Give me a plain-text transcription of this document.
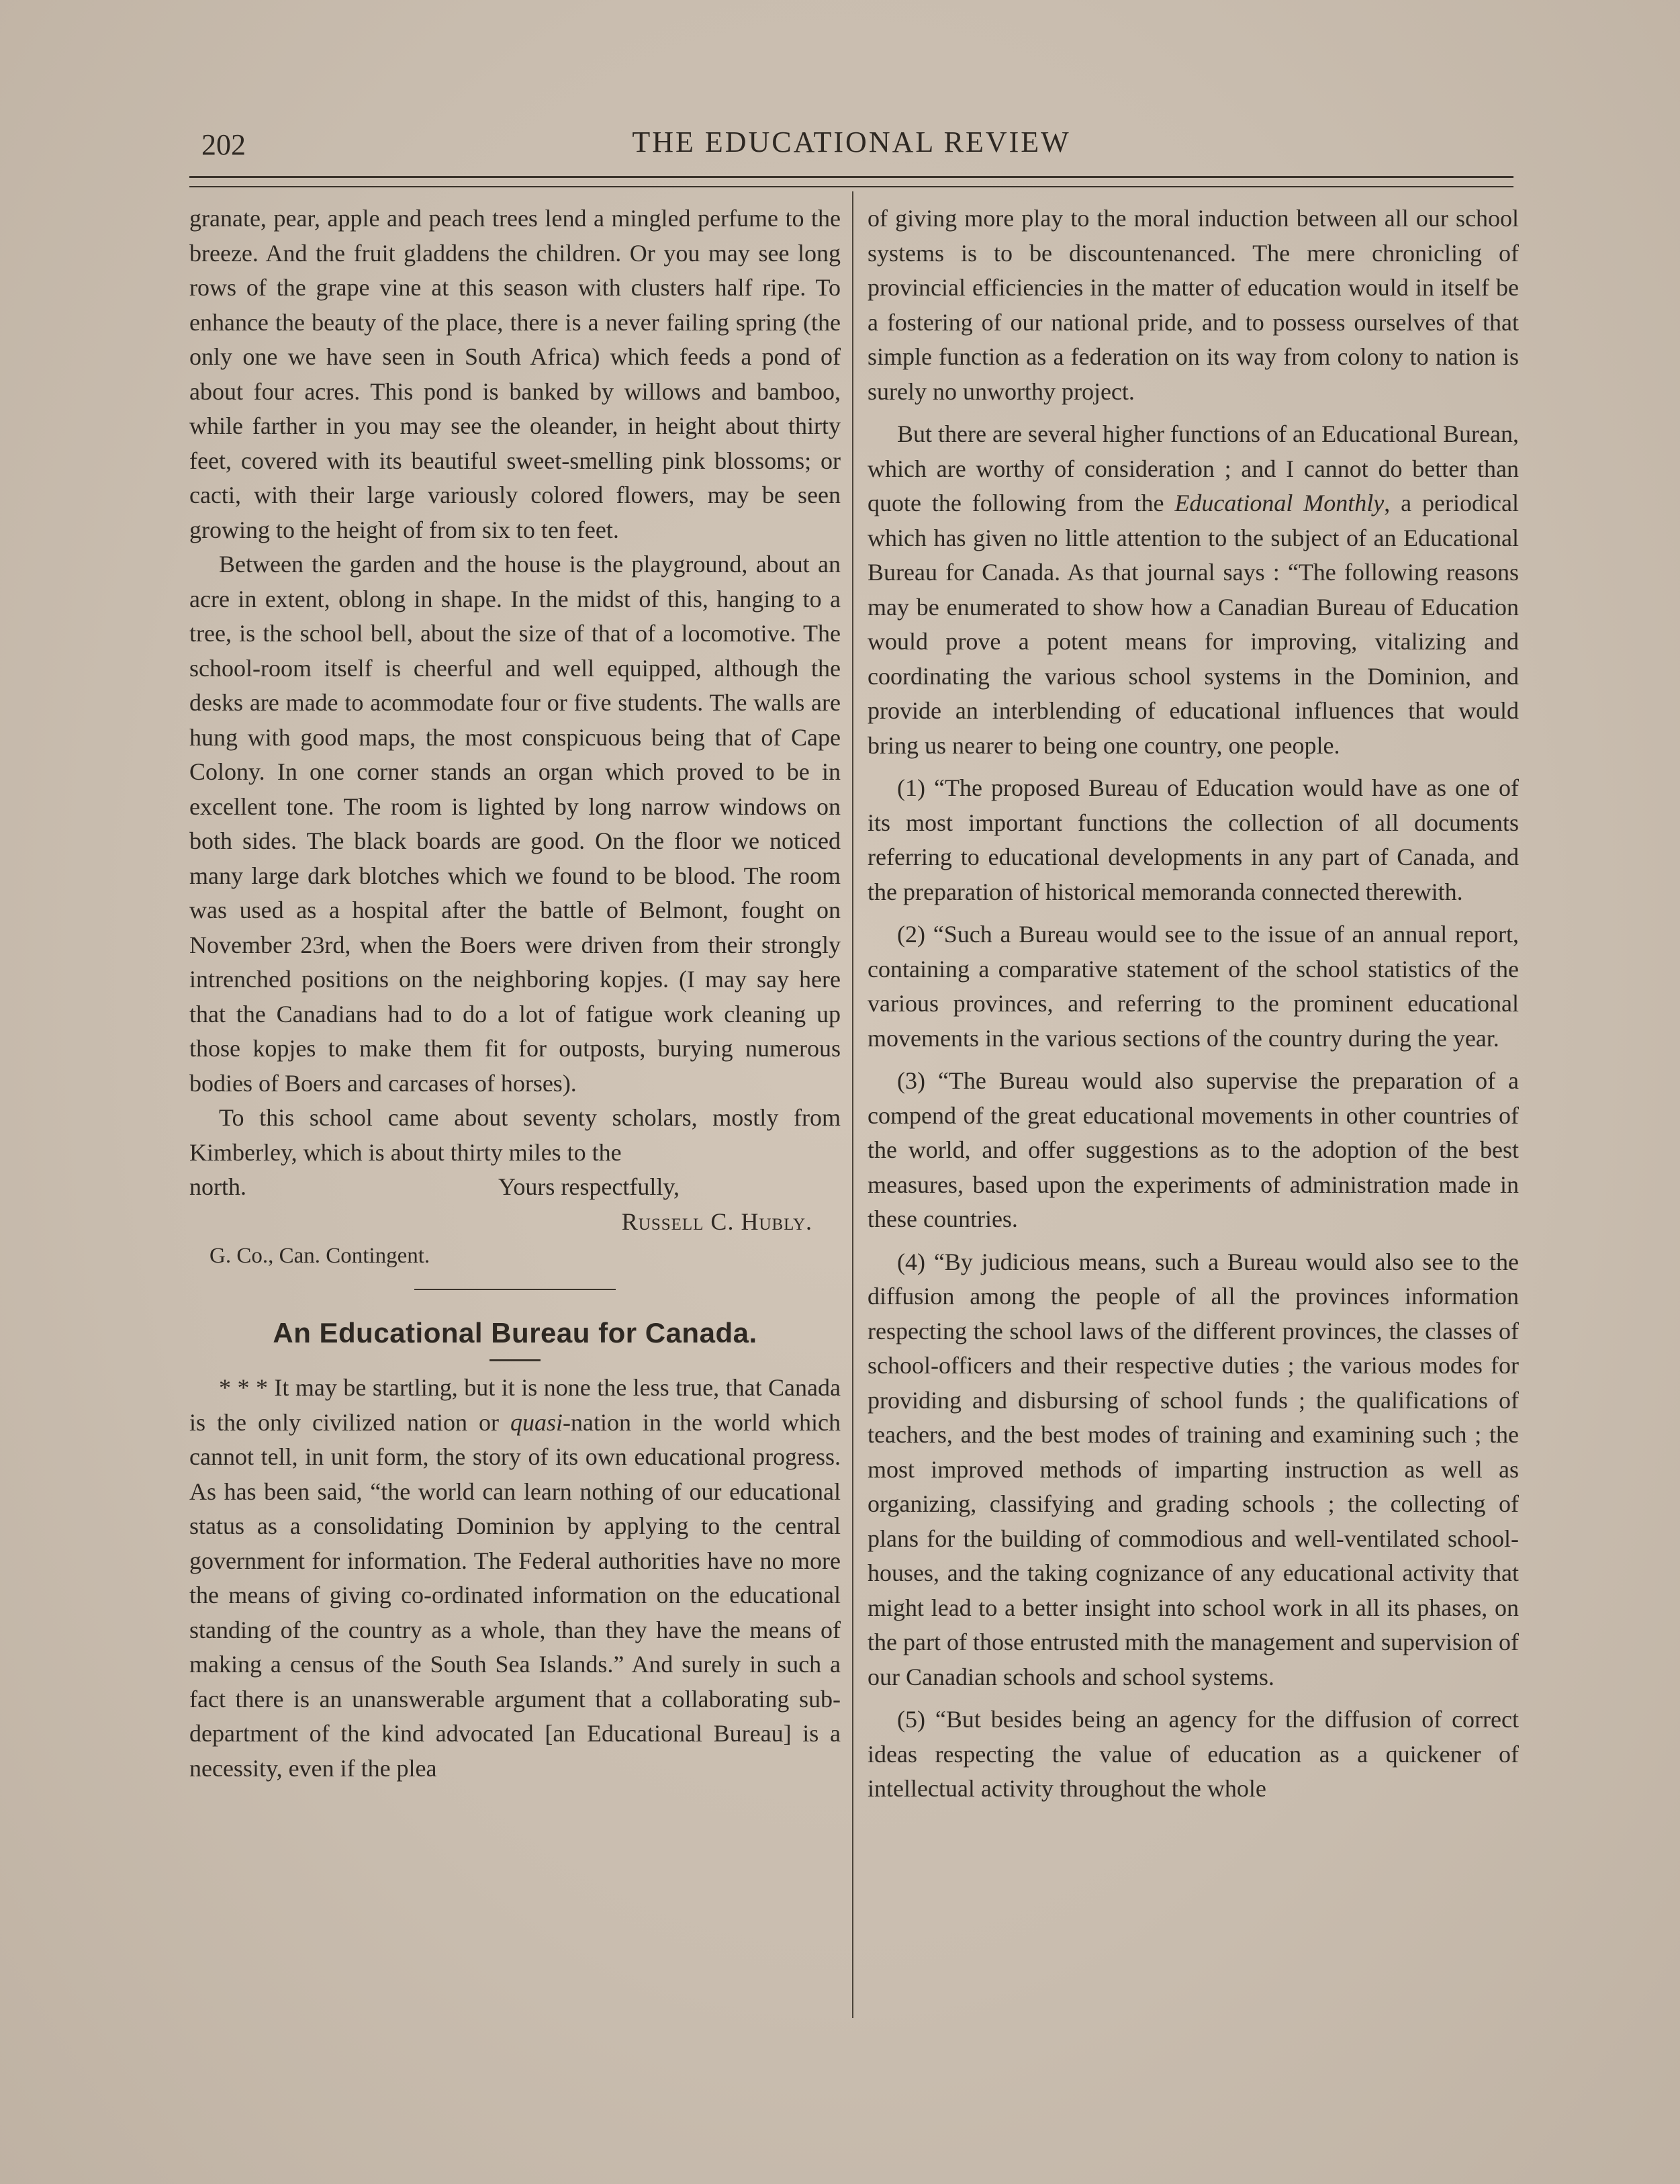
202	THE EDUCATIONAL REVIEW

granate, pear, apple and peach trees lend a mingled perfume to the breeze. And the fruit gladdens the children. Or you may see long rows of the grape vine at this season with clusters half ripe. To enhance the beauty of the place, there is a never failing spring (the only one we have seen in South Africa) which feeds a pond of about four acres. This pond is banked by willows and bamboo, while farther in you may see the oleander, in height about thirty feet, covered with its beautiful sweet-smelling pink blossoms; or cacti, with their large variously colored flowers, may be seen growing to the height of from six to ten feet.

Between the garden and the house is the playground, about an acre in extent, oblong in shape. In the midst of this, hanging to a tree, is the school bell, about the size of that of a locomotive. The school-room itself is cheerful and well equipped, although the desks are made to acommodate four or five students. The walls are hung with good maps, the most conspicuous being that of Cape Colony. In one corner stands an organ which proved to be in excellent tone. The room is lighted by long narrow windows on both sides. The black boards are good. On the floor we noticed many large dark blotches which we found to be blood. The room was used as a hospital after the battle of Belmont, fought on November 23rd, when the Boers were driven from their strongly intrenched positions on the neighboring kopjes. (I may say here that the Canadians had to do a lot of fatigue work cleaning up those kopjes to make them fit for outposts, burying numerous bodies of Boers and carcases of horses).

To this school came about seventy scholars, mostly from Kimberley, which is about thirty miles to the

north.	Yours respectfully,
Russell C. Hubly.
G. Co., Can. Contingent.
An Educational Bureau for Canada.

* * * It may be startling, but it is none the less true, that Canada is the only civilized nation or quasi-nation in the world which cannot tell, in unit form, the story of its own educational progress. As has been said, “the world can learn nothing of our educational status as a consolidating Dominion by applying to the central government for information. The Federal authorities have no more the means of giving co-ordinated information on the educational standing of the country as a whole, than they have the means of making a census of the South Sea Islands.” And surely in such a fact there is an unanswerable argument that a collaborating sub-department of the kind advocated [an Educational Bureau] is a necessity, even if the plea

of giving more play to the moral induction between all our school systems is to be discountenanced. The mere chronicling of provincial efficiencies in the matter of education would in itself be a fostering of our national pride, and to possess ourselves of that simple function as a federation on its way from colony to nation is surely no unworthy project.

But there are several higher functions of an Educational Burean, which are worthy of consideration ; and I cannot do better than quote the following from the Educational Monthly, a periodical which has given no little attention to the subject of an Educational Bureau for Canada. As that journal says : “The following reasons may be enumerated to show how a Canadian Bureau of Education would prove a potent means for improving, vitalizing and coordinating the various school systems in the Dominion, and provide an interblending of educational influences that would bring us nearer to being one country, one people.

(1) “The proposed Bureau of Education would have as one of its most important functions the collection of all documents referring to educational developments in any part of Canada, and the preparation of historical memoranda connected therewith.

(2) “Such a Bureau would see to the issue of an annual report, containing a comparative statement of the school statistics of the various provinces, and referring to the prominent educational movements in the various sections of the country during the year.

(3) “The Bureau would also supervise the preparation of a compend of the great educational movements in other countries of the world, and offer suggestions as to the adoption of the best measures, based upon the experiments of administration made in these countries.

(4) “By judicious means, such a Bureau would also see to the diffusion among the people of all the provinces information respecting the school laws of the different provinces, the classes of school-officers and their respective duties ; the various modes for providing and disbursing of school funds ; the qualifications of teachers, and the best modes of training and examining such ; the most improved methods of imparting instruction as well as organizing, classifying and grading schools ; the collecting of plans for the building of commodious and well-ventilated school-houses, and the taking cognizance of any educational activity that might lead to a better insight into school work in all its phases, on the part of those entrusted mith the management and supervision of our Canadian schools and school systems.

(5) “But besides being an agency for the diffusion of correct ideas respecting the value of education as a quickener of intellectual activity throughout the whole
